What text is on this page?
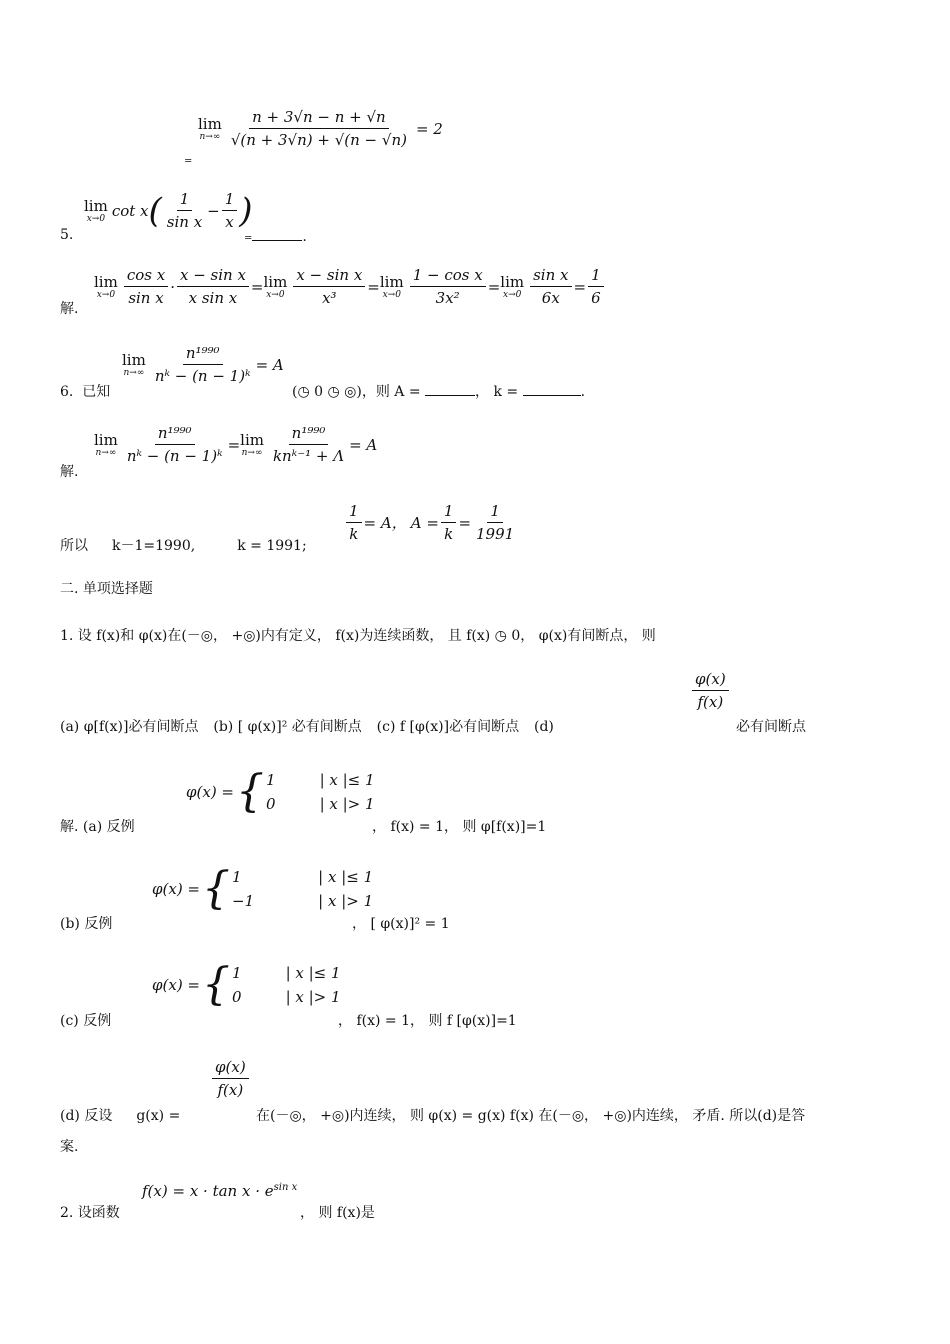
=
lim
$n\to\infty \frac{n + 3√n - n + √n}{√(n + 3√n) + √(n - √n)} = 2$
5.
lim
x→0 cot x ( $\frac{1}{\text{sin x}} - \frac{1}{x}$ )
=	.
解.
lim
$x\to 0 \frac{\text{cos x}}{\text{sin x}} \cdot \frac{\text{x − sin x}}{\text{x sin x}} = \lim$
$x\to 0 \frac{\text{x − sin x}}{\text{x³}} = \lim$
$x\to 0 \frac{\text{1 − cos x}}{\text{3x²}} = \lim$
$x\to 0 \frac{\text{sin x}}{6x} = \frac{1}{6}$
6. 已知
lim
$n\to\infty \frac{\text{n¹⁹⁹⁰}}{\text{nᵏ − (n − 1)ᵏ}} = A$
(◷ 0 ◷ ◎)，则 A =	， k =	.
解.
lim
$n\to\infty \frac{\text{n¹⁹⁹⁰}}{\text{nᵏ − (n − 1)ᵏ}} = \lim$
$n\to\infty \frac{\text{n¹⁹⁹⁰}}{\text{knᵏ⁻¹ + Λ}} = A$
所以 k－1=1990,	k = 1991;
$\frac{1}{k} = A$， $A = \frac{1}{k} = \frac{1}{1991}$
二. 单项选择题
1. 设 f(x)和 φ(x)在(－◎， +◎)内有定义， f(x)为连续函数， 且 f(x) ◷ 0， φ(x)有间断点， 则
(a) φ[f(x)]必有间断点 (b) [ φ(x)]² 必有间断点 (c) f [φ(x)]必有间断点 (d)
$\frac{\varphi(x)}{f(x)}$
必有间断点
解. (a) 反例
φ(x) = { 1	| x |≤ 1
0	| x |> 1
， f(x) = 1， 则 φ[f(x)]=1
(b) 反例
φ(x) = { 1	| x |≤ 1
−1	| x |> 1
， [ φ(x)]² = 1
(c) 反例
φ(x) = { 1	| x |≤ 1
0	| x |> 1
， f(x) = 1， 则 f [φ(x)]=1
(d) 反设 g(x) =
$\frac{\varphi(x)}{f(x)}$
在(－◎， +◎)内连续， 则 φ(x) = g(x) f(x) 在(－◎， +◎)内连续， 矛盾. 所以(d)是答
案.
2. 设函数
$f(x) = x \cdot \tan x \cdot e^{sin x}$
， 则 f(x)是
